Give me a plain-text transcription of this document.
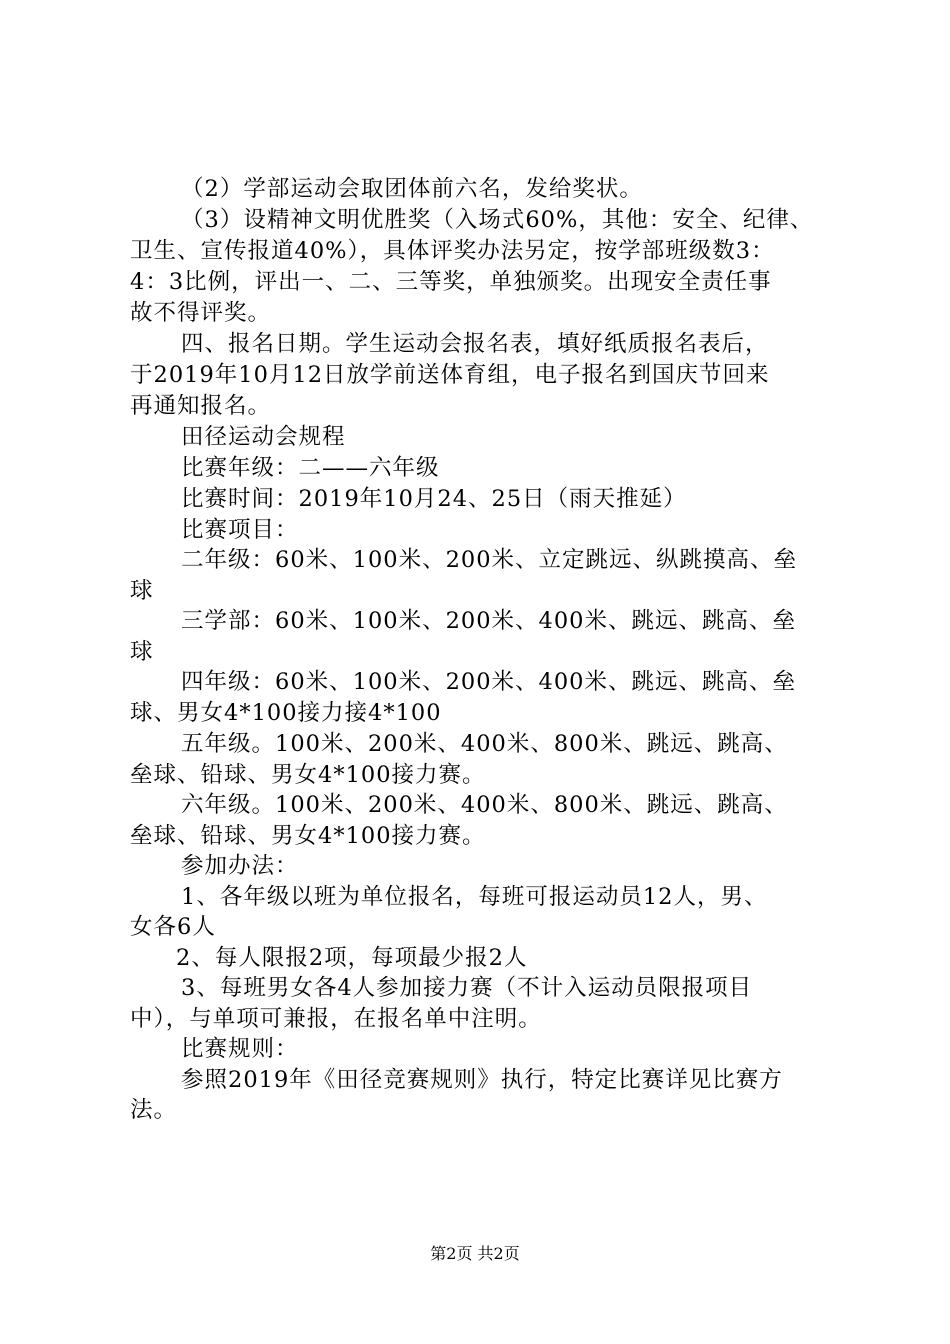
（2）学部运动会取团体前六名，发给奖状。
（3）设精神文明优胜奖（入场式60%，其他：安全、纪律、
卫生、宣传报道40%），具体评奖办法另定，按学部班级数3：
4：3比例，评出一、二、三等奖，单独颁奖。出现安全责任事
故不得评奖。
四、报名日期。学生运动会报名表，填好纸质报名表后，
于2019年10月12日放学前送体育组，电子报名到国庆节回来
再通知报名。
田径运动会规程
比赛年级：二——六年级
比赛时间：2019年10月24、25日（雨天推延）
比赛项目：
二年级：60米、100米、200米、立定跳远、纵跳摸高、垒
球
三学部：60米、100米、200米、400米、跳远、跳高、垒
球
四年级：60米、100米、200米、400米、跳远、跳高、垒
球、男女4*100接力接4*100
五年级。100米、200米、400米、800米、跳远、跳高、
垒球、铅球、男女4*100接力赛。
六年级。100米、200米、400米、800米、跳远、跳高、
垒球、铅球、男女4*100接力赛。
参加办法：
1、各年级以班为单位报名，每班可报运动员12人，男、
女各6人
2、每人限报2项，每项最少报2人
3、每班男女各4人参加接力赛（不计入运动员限报项目
中），与单项可兼报，在报名单中注明。
比赛规则：
参照2019年《田径竞赛规则》执行，特定比赛详见比赛方
法。
第2页 共2页
